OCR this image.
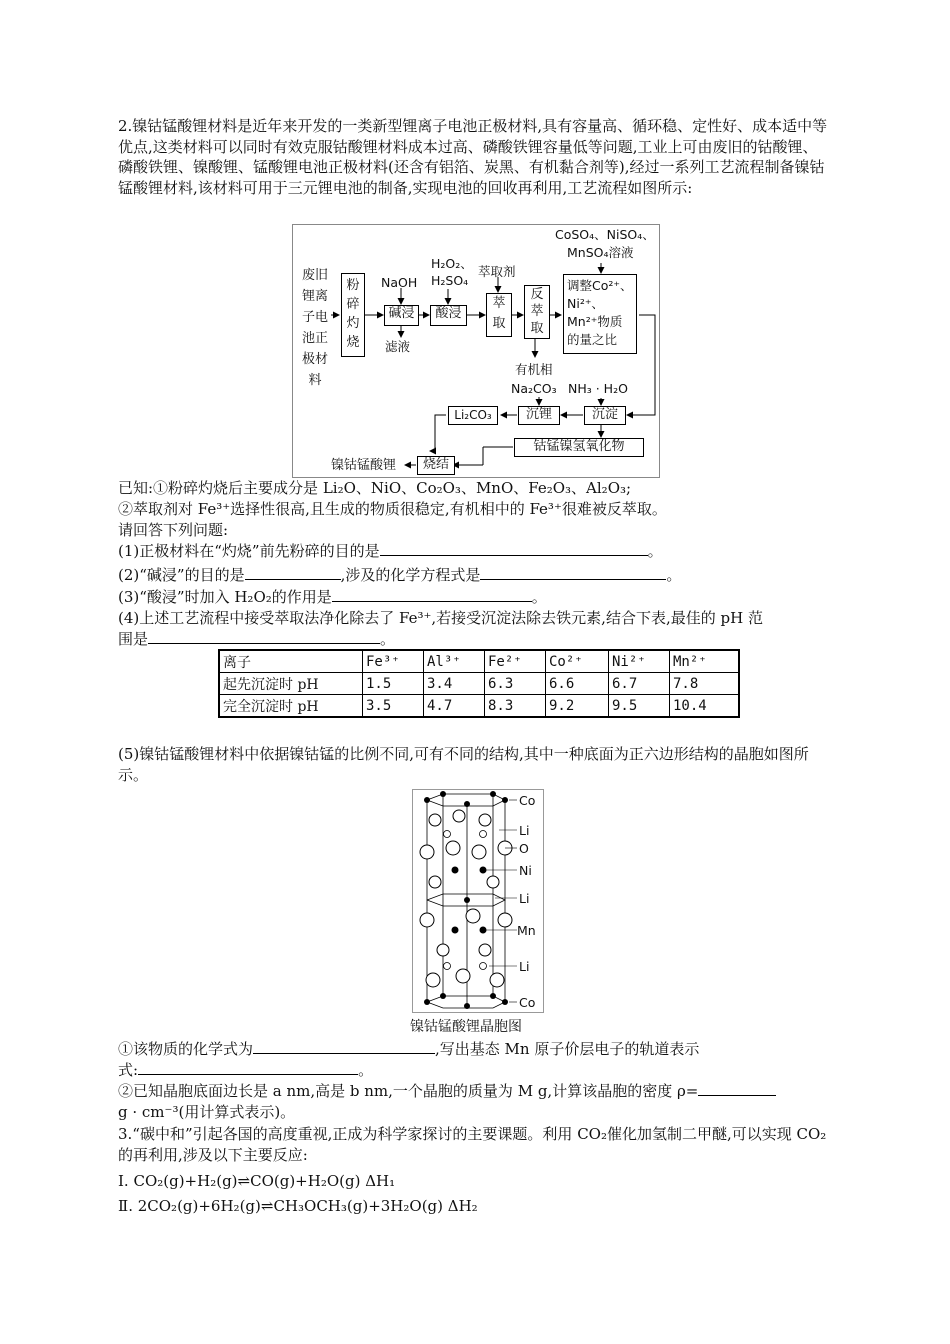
2.镍钴锰酸锂材料是近年来开发的一类新型锂离子电池正极材料,具有容量高、循环稳、定性好、成本适中等优点,这类材料可以同时有效克服钴酸锂材料成本过高、磷酸铁锂容量低等问题,工业上可由废旧的钴酸锂、磷酸铁锂、镍酸锂、锰酸锂电池正极材料(还含有铝箔、炭黑、有机黏合剂等),经过一系列工艺流程制备镍钴锰酸锂材料,该材料可用于三元锂电池的制备,实现电池的回收再利用,工艺流程如图所示:
废旧锂离子电池正极材料
粉碎灼烧
NaOH
碱浸
滤液
H₂O₂、
H₂SO₄
酸浸
萃取剂
萃取
反萃取
有机相
CoSO₄、NiSO₄、
MnSO₄溶液
调整Co²⁺、Ni²⁺、Mn²⁺物质的量之比
Na₂CO₃ NH₃ · H₂O
Li₂CO₃	沉锂	沉淀
钴锰镍氢氧化物
镍钴锰酸锂	烧结
已知:①粉碎灼烧后主要成分是 Li₂O、NiO、Co₂O₃、MnO、Fe₂O₃、Al₂O₃;
②萃取剂对 Fe³⁺选择性很高,且生成的物质很稳定,有机相中的 Fe³⁺很难被反萃取。
请回答下列问题:
(1)正极材料在“灼烧”前先粉碎的目的是	。
(2)“碱浸”的目的是	,涉及的化学方程式是	。
(3)“酸浸”时加入 H₂O₂的作用是	。
(4)上述工艺流程中接受萃取法净化除去了 Fe³⁺,若接受沉淀法除去铁元素,结合下表,最佳的 pH 范
围是	。
离子	Fe³⁺	Al³⁺	Fe²⁺	Co²⁺	Ni²⁺	Mn²⁺
起先沉淀时 pH	1.5	3.4	6.3	6.6	6.7	7.8
完全沉淀时 pH	3.5	4.7	8.3	9.2	9.5	10.4
(5)镍钴锰酸锂材料中依据镍钴锰的比例不同,可有不同的结构,其中一种底面为正六边形结构的晶胞如图所示。
Co
Li
O
Ni
Li
Mn
Li
Co
镍钴锰酸锂晶胞图
①该物质的化学式为	,写出基态 Mn 原子价层电子的轨道表示
式:	。
②已知晶胞底面边长是 a nm,高是 b nm,一个晶胞的质量为 M g,计算该晶胞的密度 ρ=
g · cm⁻³(用计算式表示)。
3.“碳中和”引起各国的高度重视,正成为科学家探讨的主要课题。利用 CO₂催化加氢制二甲醚,可以实现 CO₂的再利用,涉及以下主要反应:
Ⅰ. CO₂(g)+H₂(g)⇌CO(g)+H₂O(g) ΔH₁
Ⅱ. 2CO₂(g)+6H₂(g)⇌CH₃OCH₃(g)+3H₂O(g) ΔH₂
